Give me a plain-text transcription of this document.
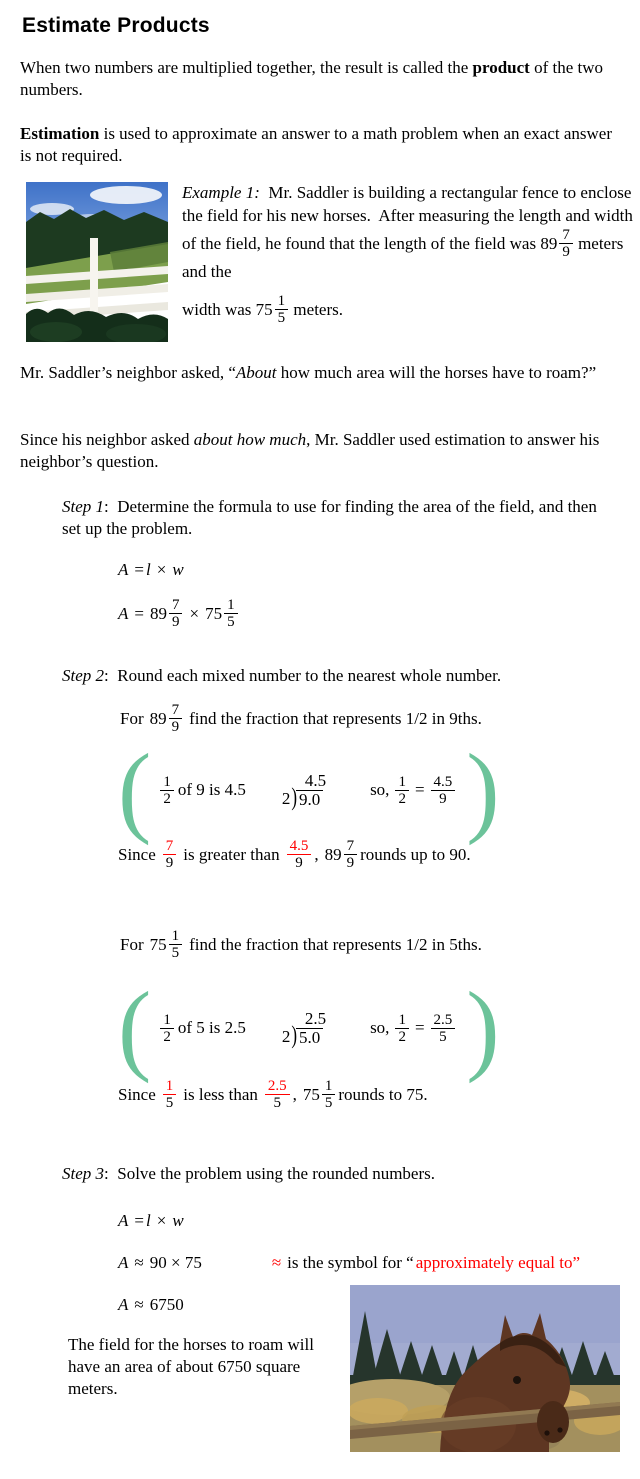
Estimate Products
When two numbers are multiplied together, the result is called the product of the two numbers.
Estimation is used to approximate an answer to a math problem when an exact answer is not required.
Example 1:  Mr. Saddler is building a rectangular fence to enclose the field for his new horses.  After measuring the length and width of the field, he found that the length of the field was $89 \frac{7}{9}$ meters and the
width was $75 \frac{1}{5}$ meters.
Mr. Saddler’s neighbor asked, “About how much area will the horses have to roam?”
Since his neighbor asked about how much, Mr. Saddler used estimation to answer his neighbor’s question.
Step 1:  Determine the formula to use for finding the area of the field, and then set up the problem.
A = l × w
$A = 89 \frac{7}{9} \times 75 \frac{1}{5}$
Step 2:  Round each mixed number to the nearest whole number.
For $89 \frac{7}{9}$ find the fraction that represents 1/2 in 9ths.
( $\frac{1}{2}$ of 9 is 4.5	4.5
2 ) 9.0	so, $\frac{1}{2} = \frac{4.5}{9}$ )
Since $\frac{7}{9}$ is greater than $\frac{4.5}{9}$ , $89 \frac{7}{9}$ rounds up to 90.
For $75 \frac{1}{5}$ find the fraction that represents 1/2 in 5ths.
( $\frac{1}{2}$ of 5 is 2.5	2.5
2 ) 5.0	so, $\frac{1}{2} = \frac{2.5}{5}$ )
Since $\frac{1}{5}$ is less than $\frac{2.5}{5}$ , $75 \frac{1}{5}$ rounds to 75.
Step 3:  Solve the problem using the rounded numbers.
A = l × w
A ≈ 90 × 75	≈ is the symbol for “ approximately equal to”
A ≈ 6750
The field for the horses to roam will have an area of about 6750 square meters.
